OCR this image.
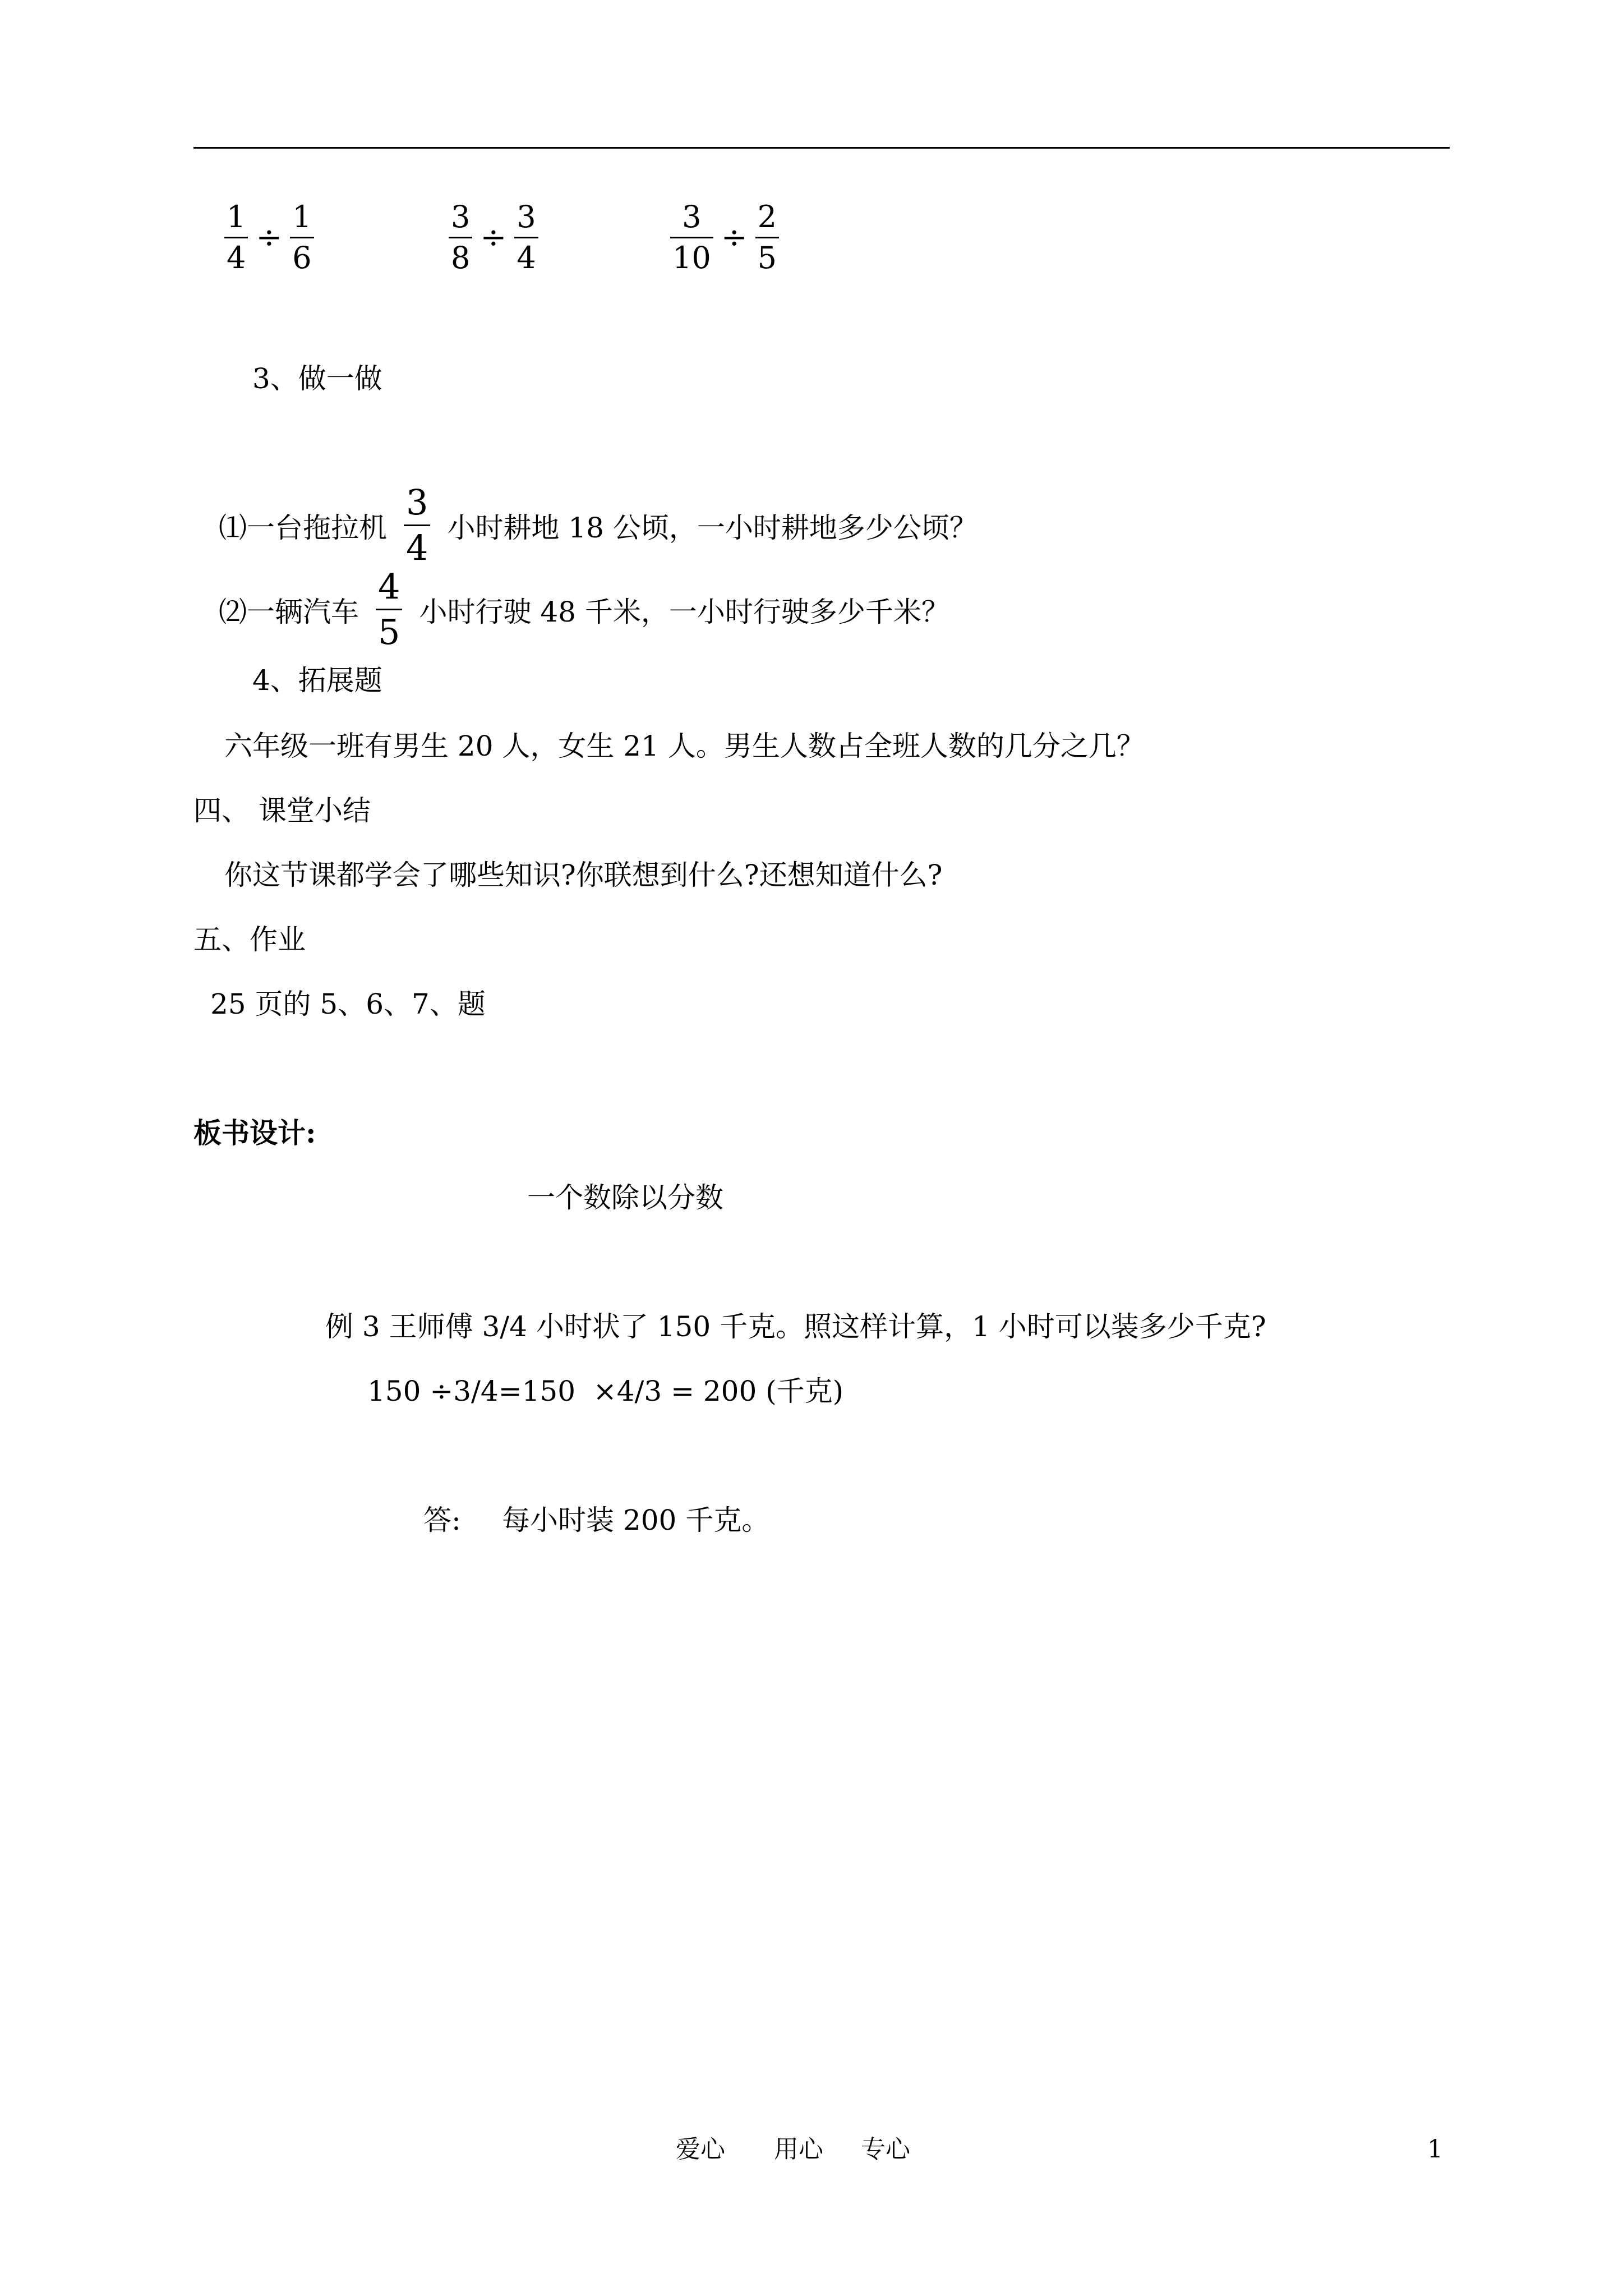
$\frac{1}{4} \div \frac{1}{6}$	$\frac{3}{8} \div \frac{3}{4}$	$\frac{3}{10} \div \frac{2}{5}$
3、做一做
⑴一台拖拉机 $\frac{3}{4}$ 小时耕地 18 公顷，一小时耕地多少公顷？
⑵一辆汽车 $\frac{4}{5}$ 小时行驶 48 千米，一小时行驶多少千米？
4、拓展题
六年级一班有男生 20 人，女生 21 人。男生人数占全班人数的几分之几？
四、 课堂小结
你这节课都学会了哪些知识?你联想到什么?还想知道什么?
五、作业
25 页的 5、6、7、题
板书设计:
一个数除以分数
例 3 王师傅 3/4 小时状了 150 千克。照这样计算，1 小时可以装多少千克?
150 ÷3/4=150  ×4/3 = 200 (千克)
答: 每小时装 200 千克。
爱心 用心 专心	1
